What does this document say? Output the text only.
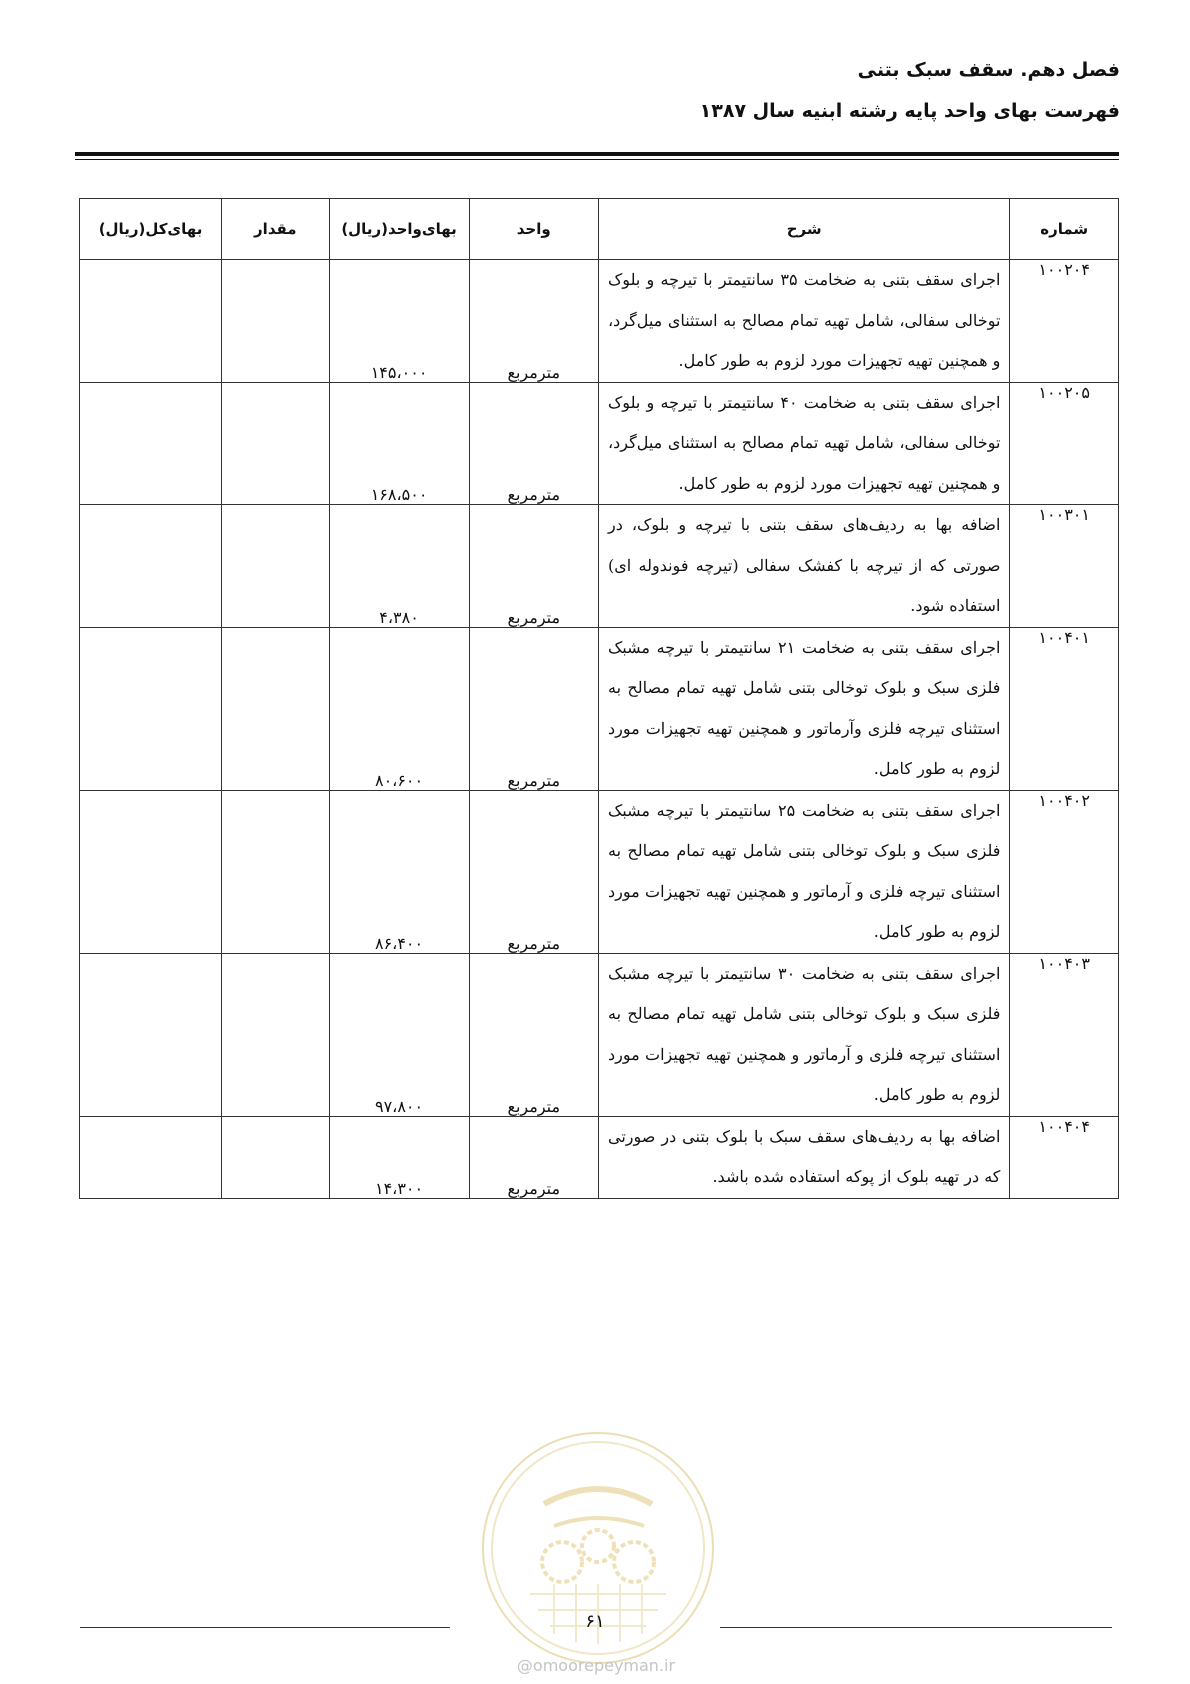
فصل دهم. سقف سبک بتنی
فهرست بهای واحد پایه رشته ابنیه سال ۱۳۸۷
شماره	شرح	واحد	بهای‌واحد(ریال)	مقدار	بهای‌کل(ریال)
۱۰۰۲۰۴	اجرای سقف بتنی به ضخامت ۳۵ سانتیمتر با تیرچه و بلوک توخالی سفالی، شامل تهیه تمام مصالح به استثنای میل‌گرد، و همچنین تهیه تجهیزات مورد لزوم به طور کامل.	مترمربع	۱۴۵،۰۰۰		
۱۰۰۲۰۵	اجرای سقف بتنی به ضخامت ۴۰ سانتیمتر با تیرچه و بلوک توخالی سفالی، شامل تهیه تمام مصالح به استثنای میل‌گرد، و همچنین تهیه تجهیزات مورد لزوم به طور کامل.	مترمربع	۱۶۸،۵۰۰		
۱۰۰۳۰۱	اضافه بها به ردیف‌های سقف بتنی با تیرچه و بلوک، در صورتی که از تیرچه با کفشک سفالی (تیرچه فوندوله ای) استفاده شود.	مترمربع	۴،۳۸۰		
۱۰۰۴۰۱	اجرای سقف بتنی به ضخامت ۲۱ سانتیمتر با تیرچه مشبک فلزی سبک و بلوک توخالی بتنی شامل تهیه تمام مصالح به استثنای تیرچه فلزی وآرماتور و همچنین تهیه تجهیزات مورد لزوم به طور کامل.	مترمربع	۸۰،۶۰۰		
۱۰۰۴۰۲	اجرای سقف بتنی به ضخامت ۲۵ سانتیمتر با تیرچه مشبک فلزی سبک و بلوک توخالی بتنی شامل تهیه تمام مصالح به استثنای تیرچه فلزی و آرماتور و همچنین تهیه تجهیزات مورد لزوم به طور کامل.	مترمربع	۸۶،۴۰۰		
۱۰۰۴۰۳	اجرای سقف بتنی به ضخامت ۳۰ سانتیمتر با تیرچه مشبک فلزی سبک و بلوک توخالی بتنی شامل تهیه تمام مصالح به استثنای تیرچه فلزی و آرماتور و همچنین تهیه تجهیزات مورد لزوم به طور کامل.	مترمربع	۹۷،۸۰۰		
۱۰۰۴۰۴	اضافه بها به ردیف‌های سقف سبک با بلوک بتنی در صورتی که در تهیه بلوک از پوکه استفاده شده باشد.	مترمربع	۱۴،۳۰۰		
۶۱
@omoorepeyman.ir
